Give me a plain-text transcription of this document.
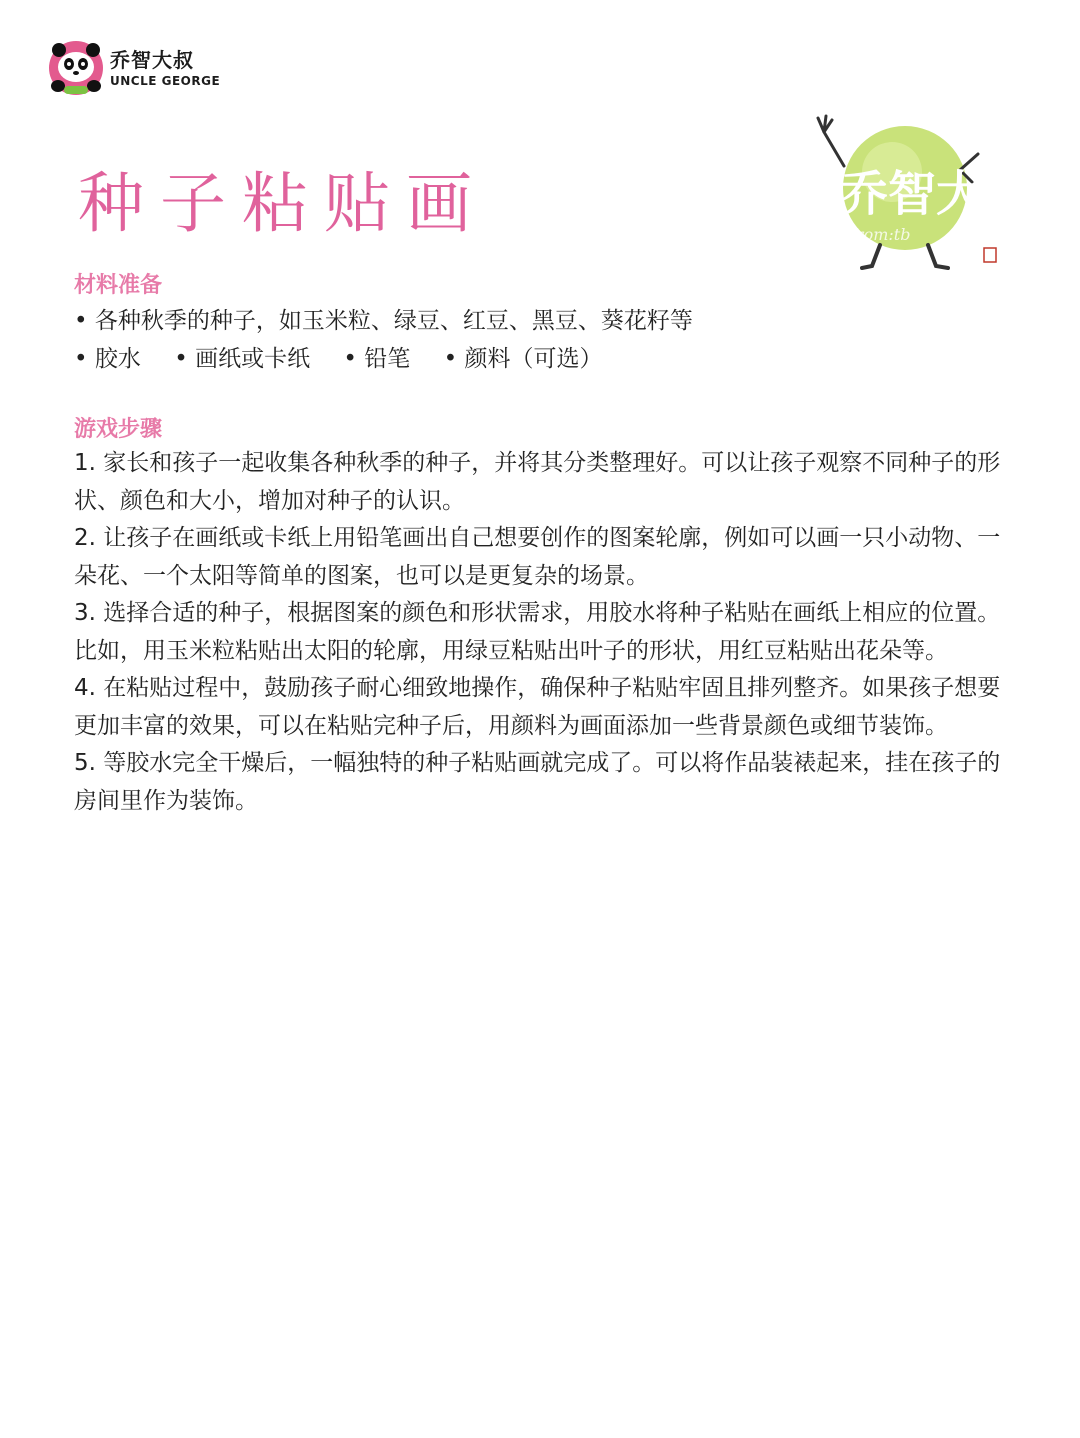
乔智大叔
UNCLE GEORGE
种子粘贴画	乔智大
from:tb
材料准备
• 各种秋季的种子，如玉米粒、绿豆、红豆、黑豆、葵花籽等
• 胶水 • 画纸或卡纸 • 铅笔 • 颜料（可选）
游戏步骤

1. 家长和孩子一起收集各种秋季的种子，并将其分类整理好。可以让孩子观察不同种子的形状、颜色和大小，增加对种子的认识。

2. 让孩子在画纸或卡纸上用铅笔画出自己想要创作的图案轮廓，例如可以画一只小动物、一朵花、一个太阳等简单的图案，也可以是更复杂的场景。

3. 选择合适的种子，根据图案的颜色和形状需求，用胶水将种子粘贴在画纸上相应的位置。比如，用玉米粒粘贴出太阳的轮廓，用绿豆粘贴出叶子的形状，用红豆粘贴出花朵等。

4. 在粘贴过程中，鼓励孩子耐心细致地操作，确保种子粘贴牢固且排列整齐。如果孩子想要更加丰富的效果，可以在粘贴完种子后，用颜料为画面添加一些背景颜色或细节装饰。

5. 等胶水完全干燥后，一幅独特的种子粘贴画就完成了。可以将作品装裱起来，挂在孩子的房间里作为装饰。
